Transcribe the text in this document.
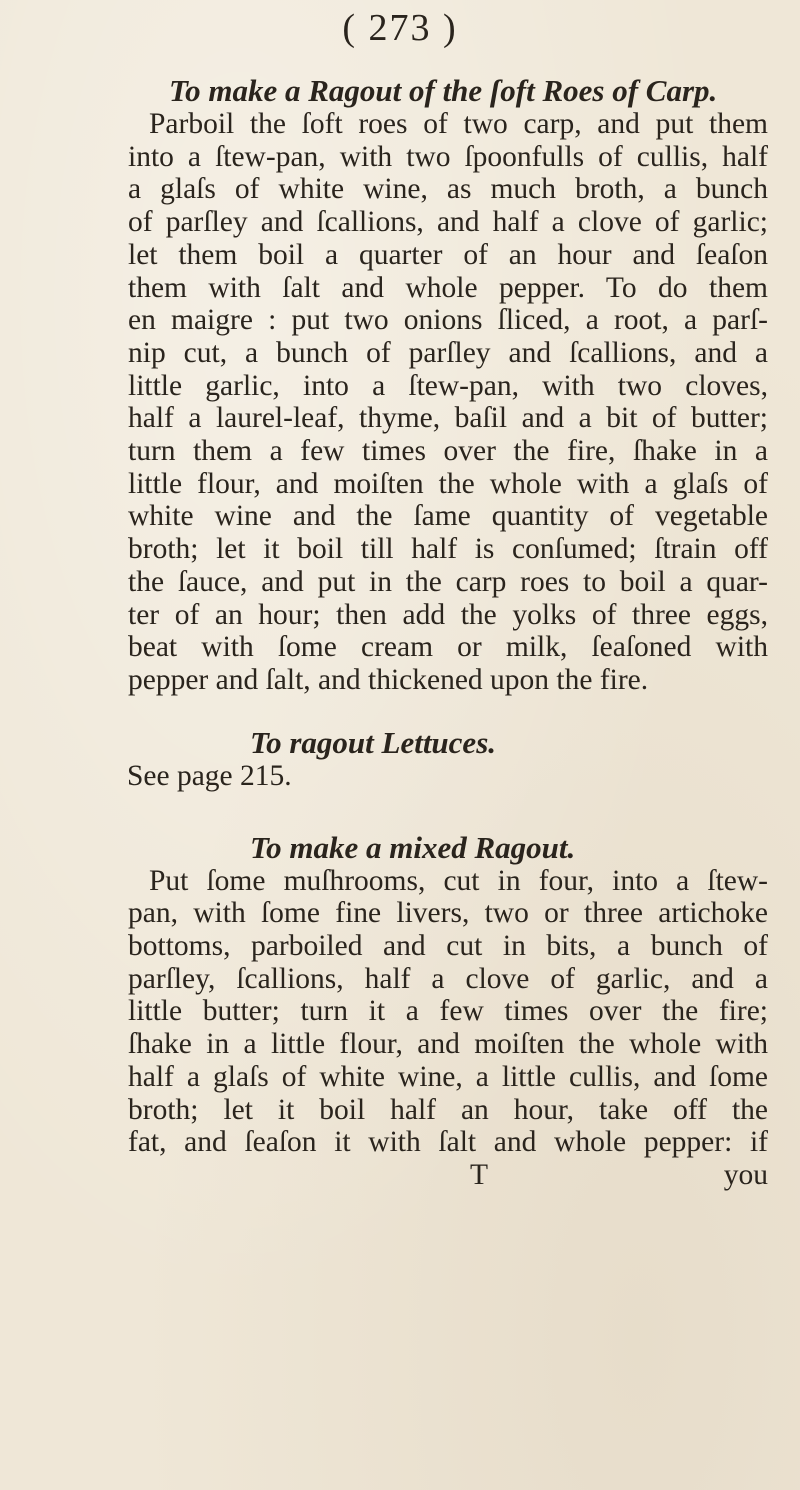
( 273 )
To make a Ragout of the ſoft Roes of Carp.
Parboil the ſoft roes of two carp, and put them
into a ſtew-pan, with two ſpoonfulls of cullis, half
a glaſs of white wine, as much broth, a bunch
of parſley and ſcallions, and half a clove of garlic;
let them boil a quarter of an hour and ſeaſon
them with ſalt and whole pepper. To do them
en maigre : put two onions ſliced, a root, a parſ-
nip cut, a bunch of parſley and ſcallions, and a
little garlic, into a ſtew-pan, with two cloves,
half a laurel-leaf, thyme, baſil and a bit of butter;
turn them a few times over the fire, ſhake in a
little flour, and moiſten the whole with a glaſs of
white wine and the ſame quantity of vegetable
broth; let it boil till half is conſumed; ſtrain off
the ſauce, and put in the carp roes to boil a quar-
ter of an hour; then add the yolks of three eggs,
beat with ſome cream or milk, ſeaſoned with
pepper and ſalt, and thickened upon the fire.
To ragout Lettuces.
See page 215.
To make a mixed Ragout.
Put ſome muſhrooms, cut in four, into a ſtew-
pan, with ſome fine livers, two or three artichoke
bottoms, parboiled and cut in bits, a bunch of
parſley, ſcallions, half a clove of garlic, and a
little butter; turn it a few times over the fire;
ſhake in a little flour, and moiſten the whole with
half a glaſs of white wine, a little cullis, and ſome
broth; let it boil half an hour, take off the
fat, and ſeaſon it with ſalt and whole pepper: if
T	you
